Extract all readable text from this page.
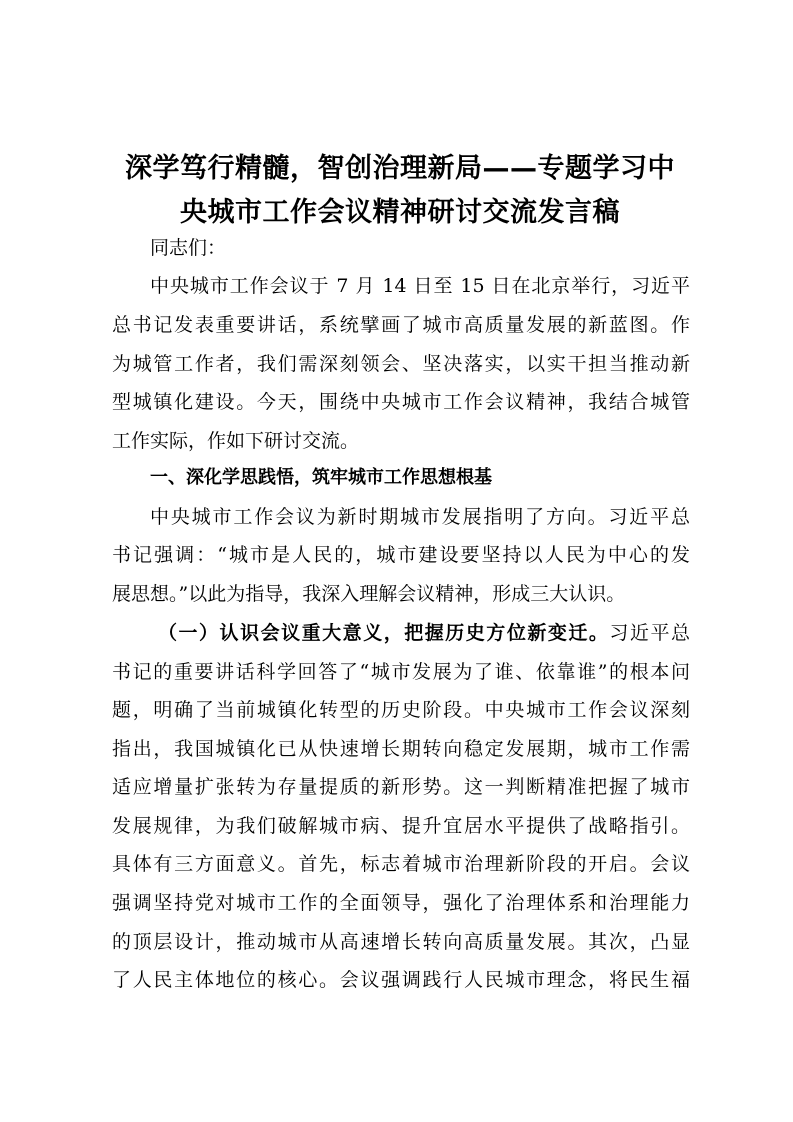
深学笃行精髓，智创治理新局——专题学习中
央城市工作会议精神研讨交流发言稿
同志们：
中央城市工作会议于 7 月 14 日至 15 日在北京举行，习近平
总书记发表重要讲话，系统擘画了城市高质量发展的新蓝图。作
为城管工作者，我们需深刻领会、坚决落实，以实干担当推动新
型城镇化建设。今天，围绕中央城市工作会议精神，我结合城管
工作实际，作如下研讨交流。
一、深化学思践悟，筑牢城市工作思想根基
中央城市工作会议为新时期城市发展指明了方向。习近平总
书记强调：“城市是人民的，城市建设要坚持以人民为中心的发
展思想。”以此为指导，我深入理解会议精神，形成三大认识。
（一）认识会议重大意义，把握历史方位新变迁。习近平总
书记的重要讲话科学回答了“城市发展为了谁、依靠谁”的根本问
题，明确了当前城镇化转型的历史阶段。中央城市工作会议深刻
指出，我国城镇化已从快速增长期转向稳定发展期，城市工作需
适应增量扩张转为存量提质的新形势。这一判断精准把握了城市
发展规律，为我们破解城市病、提升宜居水平提供了战略指引。
具体有三方面意义。首先，标志着城市治理新阶段的开启。会议
强调坚持党对城市工作的全面领导，强化了治理体系和治理能力
的顶层设计，推动城市从高速增长转向高质量发展。其次，凸显
了人民主体地位的核心。会议强调践行人民城市理念，将民生福
